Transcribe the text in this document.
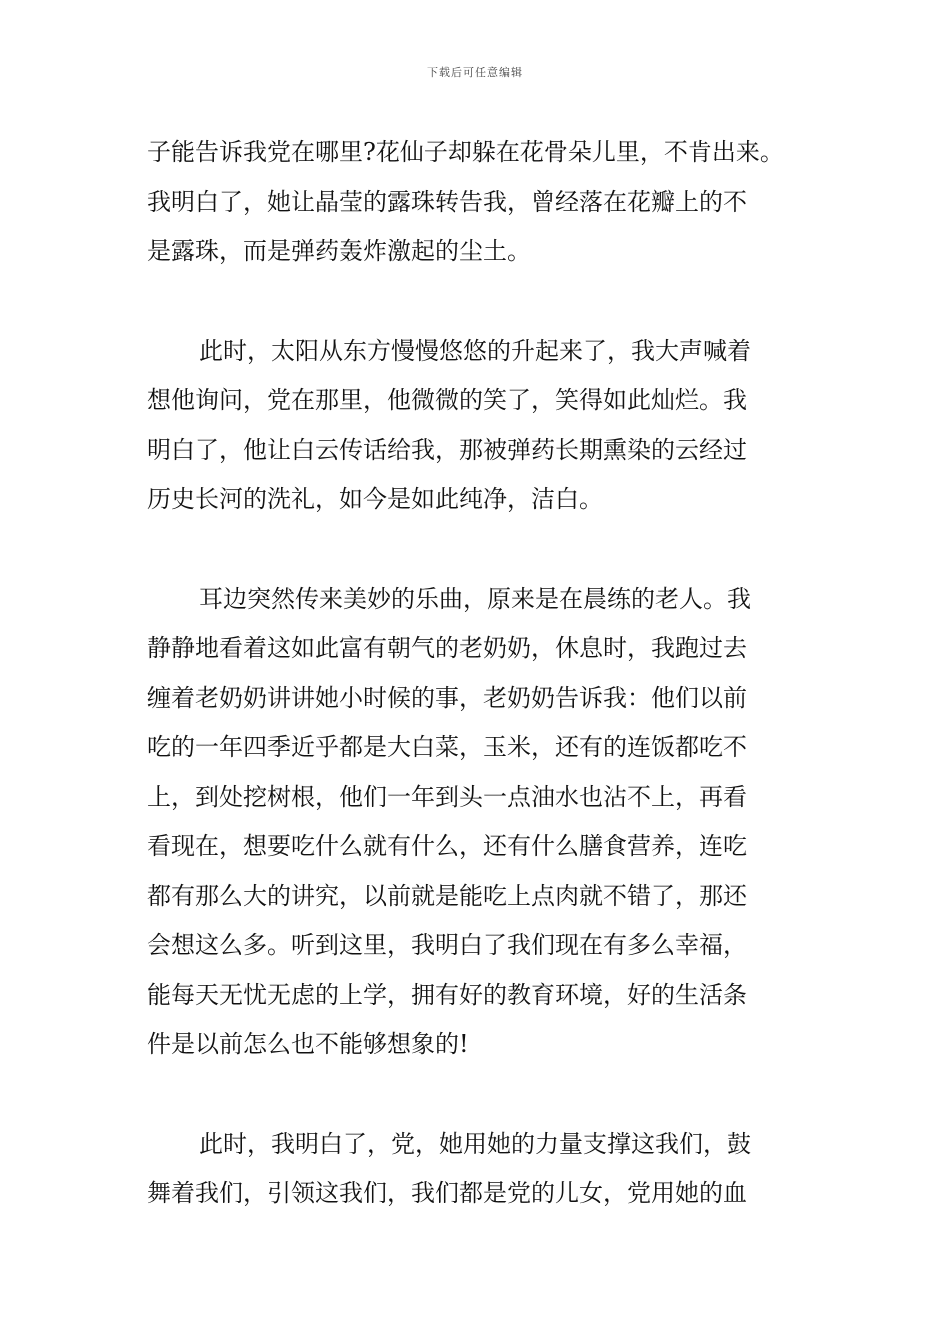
下载后可任意编辑
子能告诉我党在哪里?花仙子却躲在花骨朵儿里，不肯出来。
我明白了，她让晶莹的露珠转告我，曾经落在花瓣上的不
是露珠，而是弹药轰炸激起的尘土。
此时，太阳从东方慢慢悠悠的升起来了，我大声喊着
想他询问，党在那里，他微微的笑了，笑得如此灿烂。我
明白了，他让白云传话给我，那被弹药长期熏染的云经过
历史长河的洗礼，如今是如此纯净，洁白。
耳边突然传来美妙的乐曲，原来是在晨练的老人。我
静静地看着这如此富有朝气的老奶奶，休息时，我跑过去
缠着老奶奶讲讲她小时候的事，老奶奶告诉我：他们以前
吃的一年四季近乎都是大白菜，玉米，还有的连饭都吃不
上，到处挖树根，他们一年到头一点油水也沾不上，再看
看现在，想要吃什么就有什么，还有什么膳食营养，连吃
都有那么大的讲究，以前就是能吃上点肉就不错了，那还
会想这么多。听到这里，我明白了我们现在有多么幸福，
能每天无忧无虑的上学，拥有好的教育环境，好的生活条
件是以前怎么也不能够想象的!
此时，我明白了，党，她用她的力量支撑这我们，鼓
舞着我们，引领这我们，我们都是党的儿女，党用她的血
